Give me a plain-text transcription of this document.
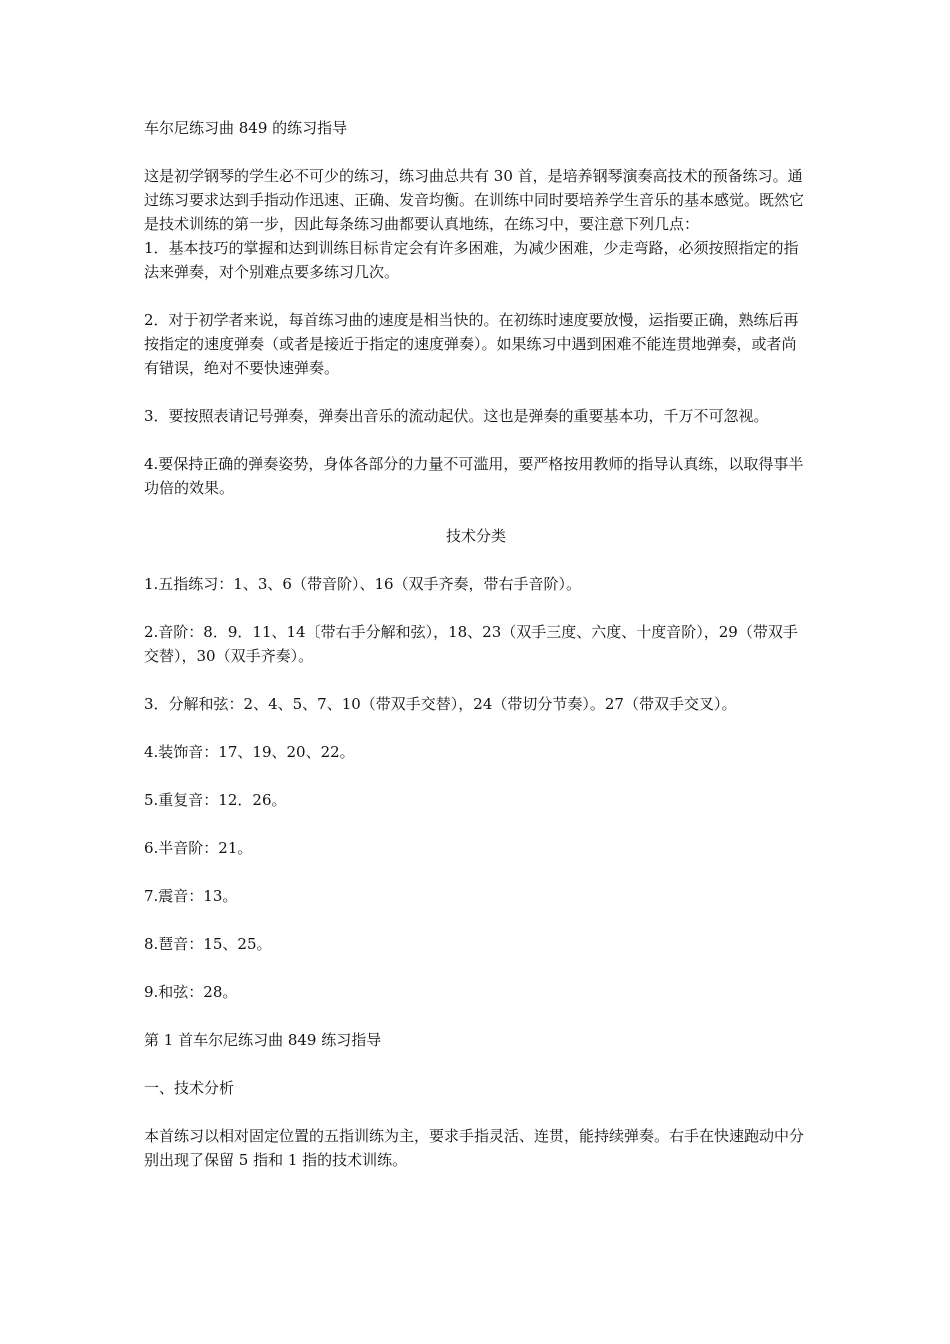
车尔尼练习曲 849 的练习指导

这是初学钢琴的学生必不可少的练习，练习曲总共有 30 首，是培养钢琴演奏高技术的预备练习。通过练习要求达到手指动作迅速、正确、发音均衡。在训练中同时要培养学生音乐的基本感觉。既然它是技术训练的第一步，因此每条练习曲都要认真地练，在练习中，要注意下列几点：

1．基本技巧的掌握和达到训练目标肯定会有许多困难，为减少困难，少走弯路，必须按照指定的指法来弹奏，对个别难点要多练习几次。

2．对于初学者来说，每首练习曲的速度是相当快的。在初练时速度要放慢，运指要正确，熟练后再按指定的速度弹奏（或者是接近于指定的速度弹奏）。如果练习中遇到困难不能连贯地弹奏，或者尚有错误，绝对不要快速弹奏。

3．要按照表请记号弹奏，弹奏出音乐的流动起伏。这也是弹奏的重要基本功，千万不可忽视。

4.要保持正确的弹奏姿势，身体各部分的力量不可滥用，要严格按用教师的指导认真练，以取得事半功倍的效果。

技术分类

1.五指练习：1、3、6（带音阶）、16（双手齐奏，带右手音阶）。

2.音阶：8．9．11、14〔带右手分解和弦），18、23（双手三度、六度、十度音阶），29（带双手交替），30（双手齐奏）。

3．分解和弦：2、4、5、7、10（带双手交替），24（带切分节奏）。27（带双手交叉）。

4.装饰音：17、19、20、22。

5.重复音：12．26。

6.半音阶：21。

7.震音：13。

8.琶音：15、25。

9.和弦：28。

第 1 首车尔尼练习曲 849 练习指导

一、技术分析

本首练习以相对固定位置的五指训练为主，要求手指灵活、连贯，能持续弹奏。右手在快速跑动中分别出现了保留 5 指和 1 指的技术训练。
